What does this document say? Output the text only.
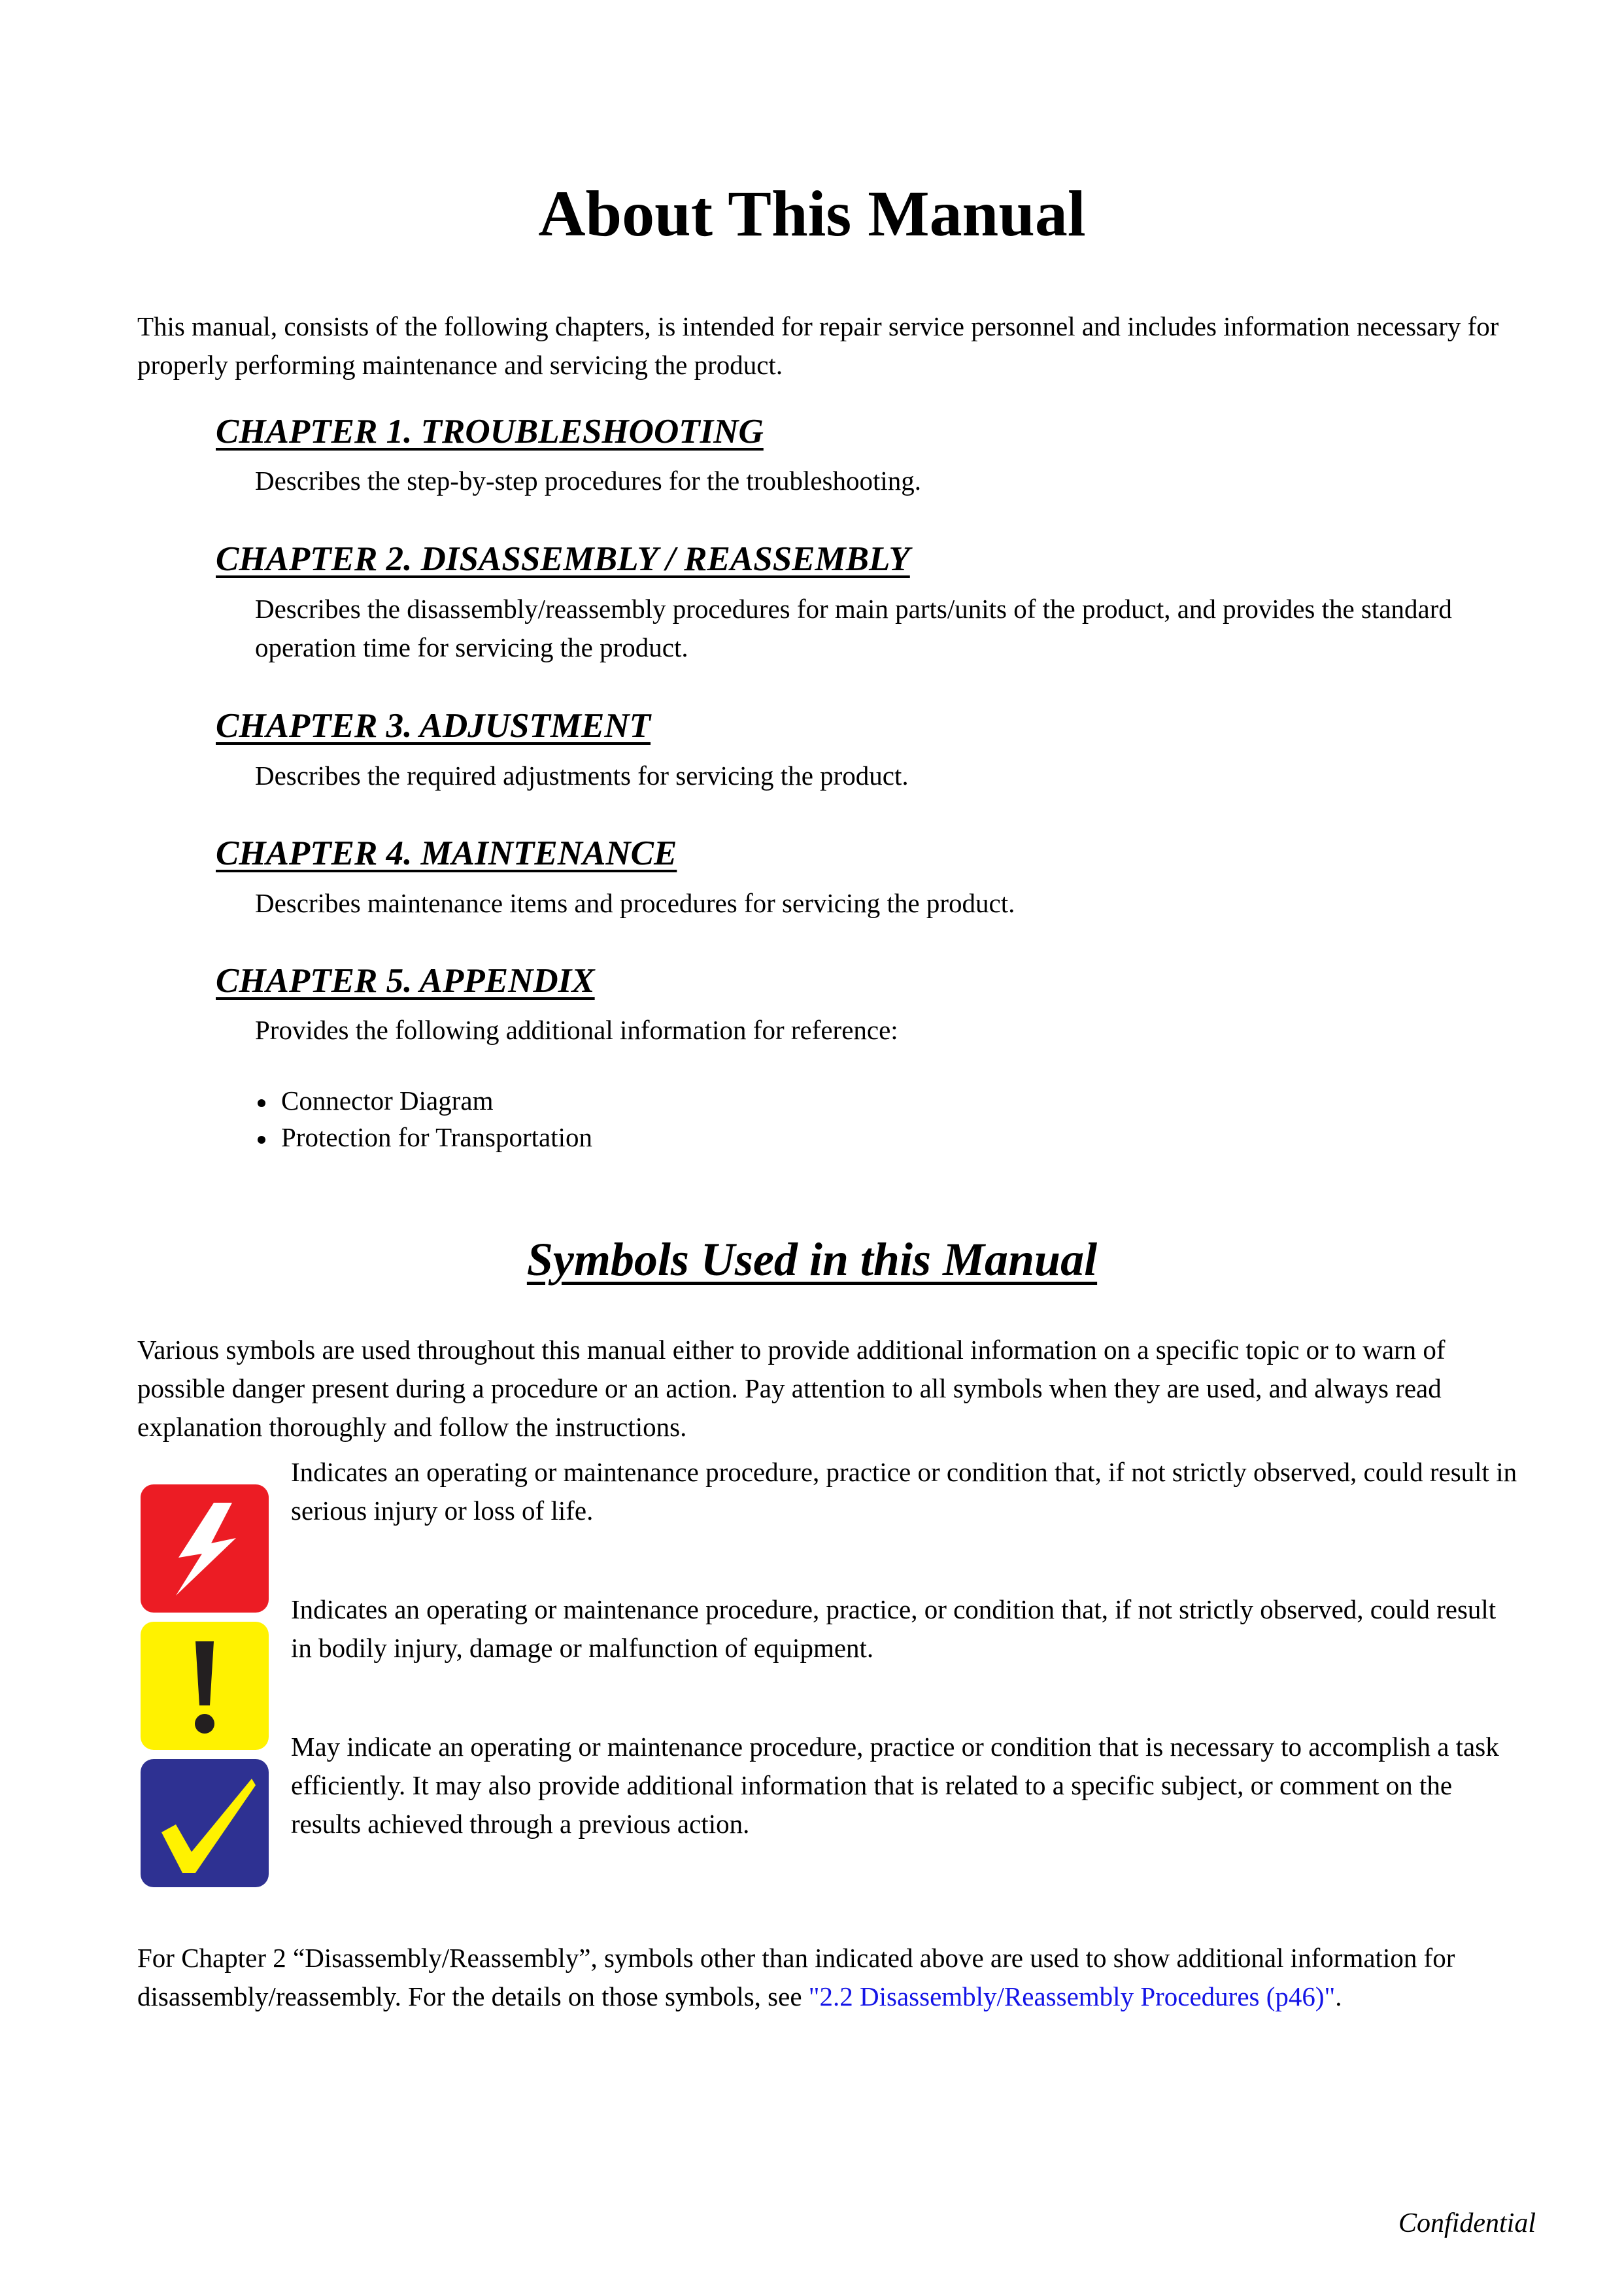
About This Manual

This manual, consists of the following chapters, is intended for repair service personnel and includes information necessary for properly performing maintenance and servicing the product.

CHAPTER 1. TROUBLESHOOTING

Describes the step-by-step procedures for the troubleshooting.

CHAPTER 2. DISASSEMBLY / REASSEMBLY

Describes the disassembly/reassembly procedures for main parts/units of the product, and provides the standard operation time for servicing the product.

CHAPTER 3. ADJUSTMENT

Describes the required adjustments for servicing the product.

CHAPTER 4. MAINTENANCE

Describes maintenance items and procedures for servicing the product.

CHAPTER 5. APPENDIX

Provides the following additional information for reference:

Connector Diagram
Protection for Transportation
Symbols Used in this Manual

Various symbols are used throughout this manual either to provide additional information on a specific topic or to warn of possible danger present during a procedure or an action. Pay attention to all symbols when they are used, and always read explanation thoroughly and follow the instructions.

Indicates an operating or maintenance procedure, practice or condition that, if not strictly observed, could result in serious injury or loss of life.

Indicates an operating or maintenance procedure, practice, or condition that, if not strictly observed, could result in bodily injury, damage or malfunction of equipment.

May indicate an operating or maintenance procedure, practice or condition that is necessary to accomplish a task efficiently. It may also provide additional information that is related to a specific subject, or comment on the results achieved through a previous action.

For Chapter 2 “Disassembly/Reassembly”, symbols other than indicated above are used to show additional information for disassembly/reassembly. For the details on those symbols, see "2.2 Disassembly/Reassembly Procedures (p46)".

Confidential
